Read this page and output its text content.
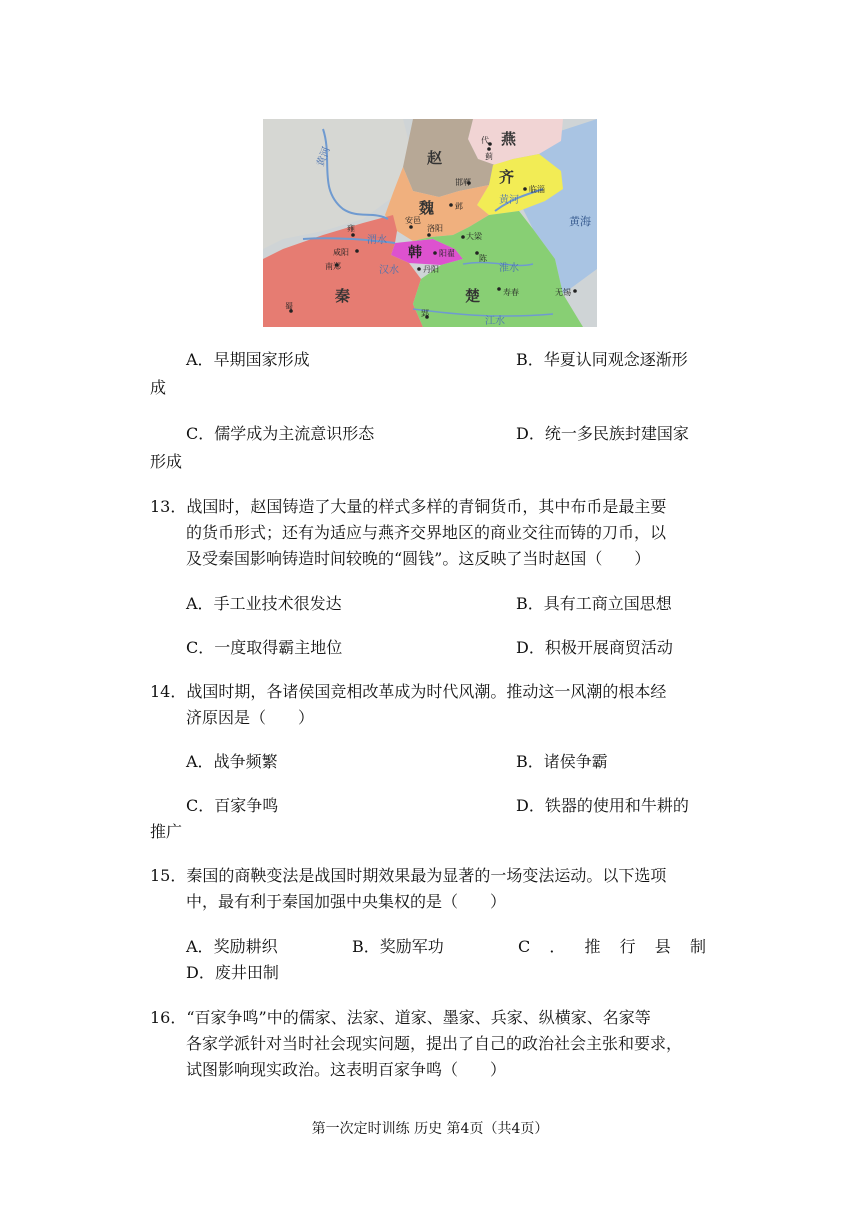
燕
赵
齐
魏
韩
秦	楚
黄河
黄河
渭水
汉水	淮水
江水
黄海
代
蓟
邯郸
临淄
安邑
洛阳
邺
大梁
雍
咸阳	阳翟
陈
南郑	丹阳
寿春	无锡
蜀
郢
A．早期国家形成	B．华夏认同观念逐渐形
成
C．儒学成为主流意识形态	D．统一多民族封建国家
形成
13．战国时，赵国铸造了大量的样式多样的青铜货币，其中布币是最主要
的货币形式；还有为适应与燕齐交界地区的商业交往而铸的刀币，以
及受秦国影响铸造时间较晚的“圆钱”。这反映了当时赵国（　　）
A．手工业技术很发达	B．具有工商立国思想
C．一度取得霸主地位	D．积极开展商贸活动
14．战国时期，各诸侯国竞相改革成为时代风潮。推动这一风潮的根本经
济原因是（　　）
A．战争频繁	B．诸侯争霸
C．百家争鸣	D．铁器的使用和牛耕的
推广
15．秦国的商鞅变法是战国时期效果最为显著的一场变法运动。以下选项
中，最有利于秦国加强中央集权的是（　　）
A．奖励耕织	B．奖励军功	C ． 推 行 县 制
D．废井田制
16．“百家争鸣”中的儒家、法家、道家、墨家、兵家、纵横家、名家等
各家学派针对当时社会现实问题，提出了自己的政治社会主张和要求，
试图影响现实政治。这表明百家争鸣（　　）
第一次定时训练 历史 第4页（共4页）
